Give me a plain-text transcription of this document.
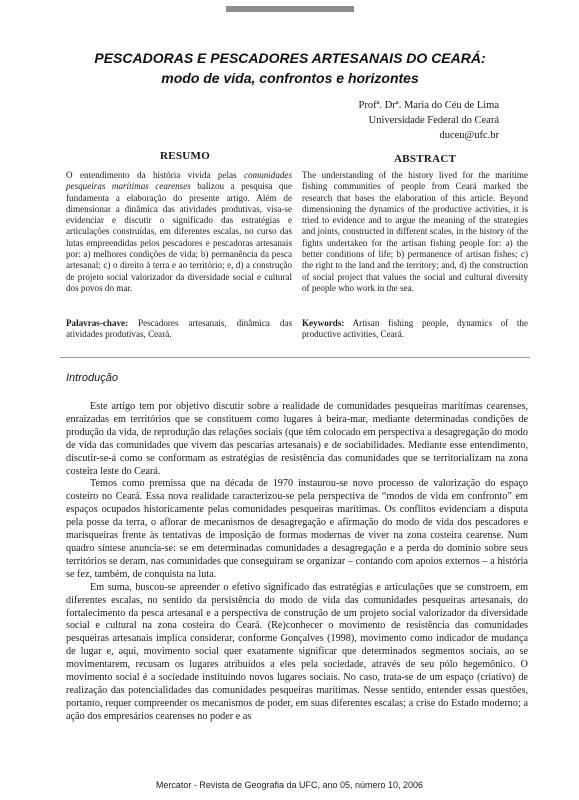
PESCADORAS E PESCADORES ARTESANAIS DO CEARÁ:
modo de vida, confrontos e horizontes
Profª. Drª. Maria do Céu de Lima
Universidade Federal do Ceará
duceu@ufc.br
RESUMO	ABSTRACT

O entendimento da história vivida pelas comunidades pesqueiras marítimas cearenses balizou a pesquisa que fundamenta a elaboração do presente artigo. Além de dimensionar a dinâmica das atividades produtivas, visa-se evidenciar e discutir o significado das estratégias e articulações construídas, em diferentes escalas, no curso das lutas empreendidas pelos pescadores e pescadoras artesanais por: a) melhores condições de vida; b) permanência da pesca artesanal; c) o direito à terra e ao território; e, d) a construção de projeto social valorizador da diversidade social e cultural dos povos do mar.

The understanding of the history lived for the maritime fishing communities of people from Ceará marked the research that bases the elaboration of this article. Beyond dimensioning the dynamics of the productive activities, it is tried to evidence and to argue the meaning of the strategies and joints, constructed in different scales, in the history of the fights undertaken for the artisan fishing people for: a) the better conditions of life; b) permanence of artisan fishes; c) the right to the land and the territory; and, d) the construction of social project that values the social and cultural diversity of people who work in the sea.

Palavras-chave: Pescadores artesanais, dinâmica das atividades produtivas, Ceará.

Keywords: Artisan fishing people, dynamics of the productive activities, Ceará.

Introdução

Este artigo tem por objetivo discutir sobre a realidade de comunidades pesqueiras marítimas cearenses, enraizadas em territórios que se constituem como lugares à beira-mar, mediante determinadas condições de produção da vida, de reprodução das relações sociais (que têm colocado em perspectiva a desagregação do modo de vida das comunidades que vivem das pescarias artesanais) e de sociabilidades. Mediante esse entendimento, discutir-se-á como se conformam as estratégias de resistência das comunidades que se territorializam na zona costeira leste do Ceará.

Temos como premissa que na década de 1970 instaurou-se novo processo de valorização do espaço costeiro no Ceará. Essa nova realidade caracterizou-se pela perspectiva de “modos de vida em confronto” em espaços ocupados historicamente pelas comunidades pesqueiras marítimas. Os conflitos evidenciam a disputa pela posse da terra, o aflorar de mecanismos de desagregação e afirmação do modo de vida dos pescadores e marisqueiras frente às tentativas de imposição de formas modernas de viver na zona costeira cearense. Num quadro síntese anuncia-se: se em determinadas comunidades a desagregação e a perda do domínio sobre seus territórios se deram, nas comunidades que conseguiram se organizar – contando com apoios externos – a história se fez, também, de conquista na luta.

Em suma, buscou-se apreender o efetivo significado das estratégias e articulações que se constroem, em diferentes escalas, no sentido da persistência do modo de vida das comunidades pesqueiras artesanais, do fortalecimento da pesca artesanal e a perspectiva de construção de um projeto social valorizador da diversidade social e cultural na zona costeira do Ceará. (Re)conhecer o movimento de resistência das comunidades pesqueiras artesanais implica considerar, conforme Gonçalves (1998), movimento como indicador de mudança de lugar e, aqui, movimento social quer exatamente significar que determinados segmentos sociais, ao se movimentarem, recusam os lugares atribuídos a eles pela sociedade, através de seu pólo hegemônico. O movimento social é a sociedade instituindo novos lugares sociais. No caso, trata-se de um espaço (criativo) de realização das potencialidades das comunidades pesqueiras marítimas. Nesse sentido, entender essas questões, portanto, requer compreender os mecanismos de poder, em suas diferentes escalas; a crise do Estado moderno; a ação dos empresários cearenses no poder e as

Mercator - Revista de Geografia da UFC, ano 05, número 10, 2006
